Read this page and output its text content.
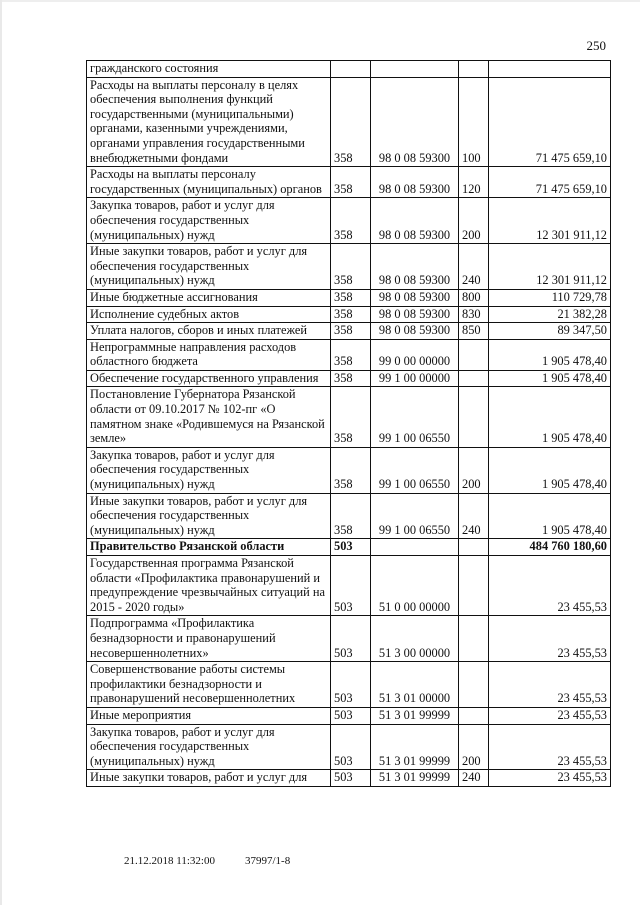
250
гражданского состояния				
Расходы на выплаты персоналу в целях обеспечения выполнения функций государственными (муниципальными) органами, казенными учреждениями, органами управления государственными внебюджетными фондами	358	98 0 08 59300	100	71 475 659,10
Расходы на выплаты персоналу государственных (муниципальных) органов	358	98 0 08 59300	120	71 475 659,10
Закупка товаров, работ и услуг для обеспечения государственных (муниципальных) нужд	358	98 0 08 59300	200	12 301 911,12
Иные закупки товаров, работ и услуг для обеспечения государственных (муниципальных) нужд	358	98 0 08 59300	240	12 301 911,12
Иные бюджетные ассигнования	358	98 0 08 59300	800	110 729,78
Исполнение судебных актов	358	98 0 08 59300	830	21 382,28
Уплата налогов, сборов и иных платежей	358	98 0 08 59300	850	89 347,50
Непрограммные направления расходов областного бюджета	358	99 0 00 00000		1 905 478,40
Обеспечение государственного управления	358	99 1 00 00000		1 905 478,40
Постановление Губернатора Рязанской области от 09.10.2017 № 102-пг «О памятном знаке «Родившемуся на Рязанской земле»	358	99 1 00 06550		1 905 478,40
Закупка товаров, работ и услуг для обеспечения государственных (муниципальных) нужд	358	99 1 00 06550	200	1 905 478,40
Иные закупки товаров, работ и услуг для обеспечения государственных (муниципальных) нужд	358	99 1 00 06550	240	1 905 478,40
Правительство Рязанской области	503			484 760 180,60
Государственная программа Рязанской области «Профилактика правонарушений и предупреждение чрезвычайных ситуаций на 2015 - 2020 годы»	503	51 0 00 00000		23 455,53
Подпрограмма «Профилактика безнадзорности и правонарушений несовершеннолетних»	503	51 3 00 00000		23 455,53
Совершенствование работы системы профилактики безнадзорности и правонарушений несовершеннолетних	503	51 3 01 00000		23 455,53
Иные мероприятия	503	51 3 01 99999		23 455,53
Закупка товаров, работ и услуг для обеспечения государственных (муниципальных) нужд	503	51 3 01 99999	200	23 455,53
Иные закупки товаров, работ и услуг для	503	51 3 01 99999	240	23 455,53
21.12.2018 11:32:00	37997/1-8
